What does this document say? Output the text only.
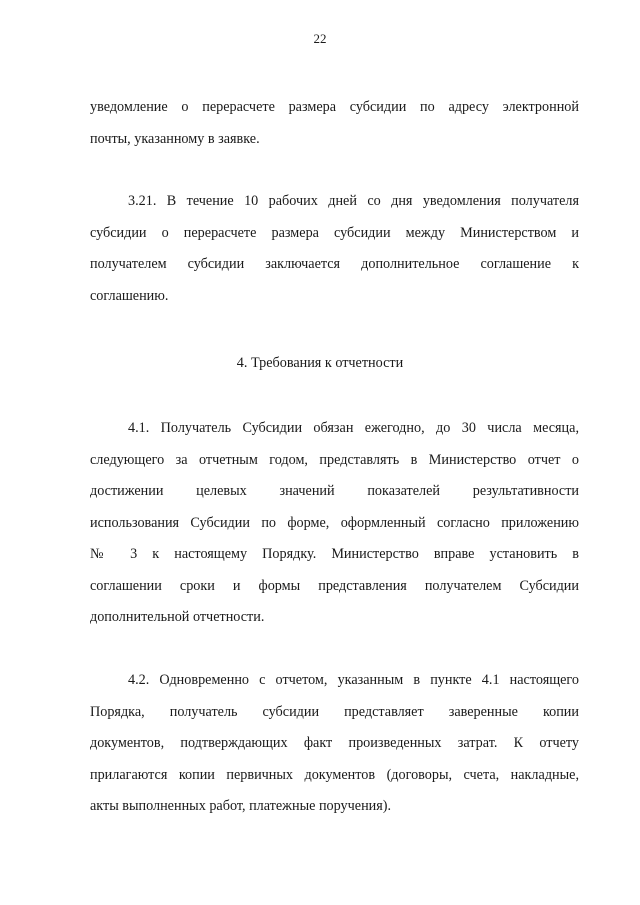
22
уведомление о перерасчете размера субсидии по адресу электронной
почты, указанному в заявке.
3.21. В течение 10 рабочих дней со дня уведомления получателя
субсидии о перерасчете размера субсидии между Министерством и
получателем субсидии заключается дополнительное соглашение к
соглашению.
4. Требования к отчетности
4.1. Получатель Субсидии обязан ежегодно, до 30 числа месяца,
следующего за отчетным годом, представлять в Министерство отчет о
достижении целевых значений показателей результативности
использования Субсидии по форме, оформленный согласно приложению
№ 3 к настоящему Порядку. Министерство вправе установить в
соглашении сроки и формы представления получателем Субсидии
дополнительной отчетности.
4.2. Одновременно с отчетом, указанным в пункте 4.1 настоящего
Порядка, получатель субсидии представляет заверенные копии
документов, подтверждающих факт произведенных затрат. К отчету
прилагаются копии первичных документов (договоры, счета, накладные,
акты выполненных работ, платежные поручения).
